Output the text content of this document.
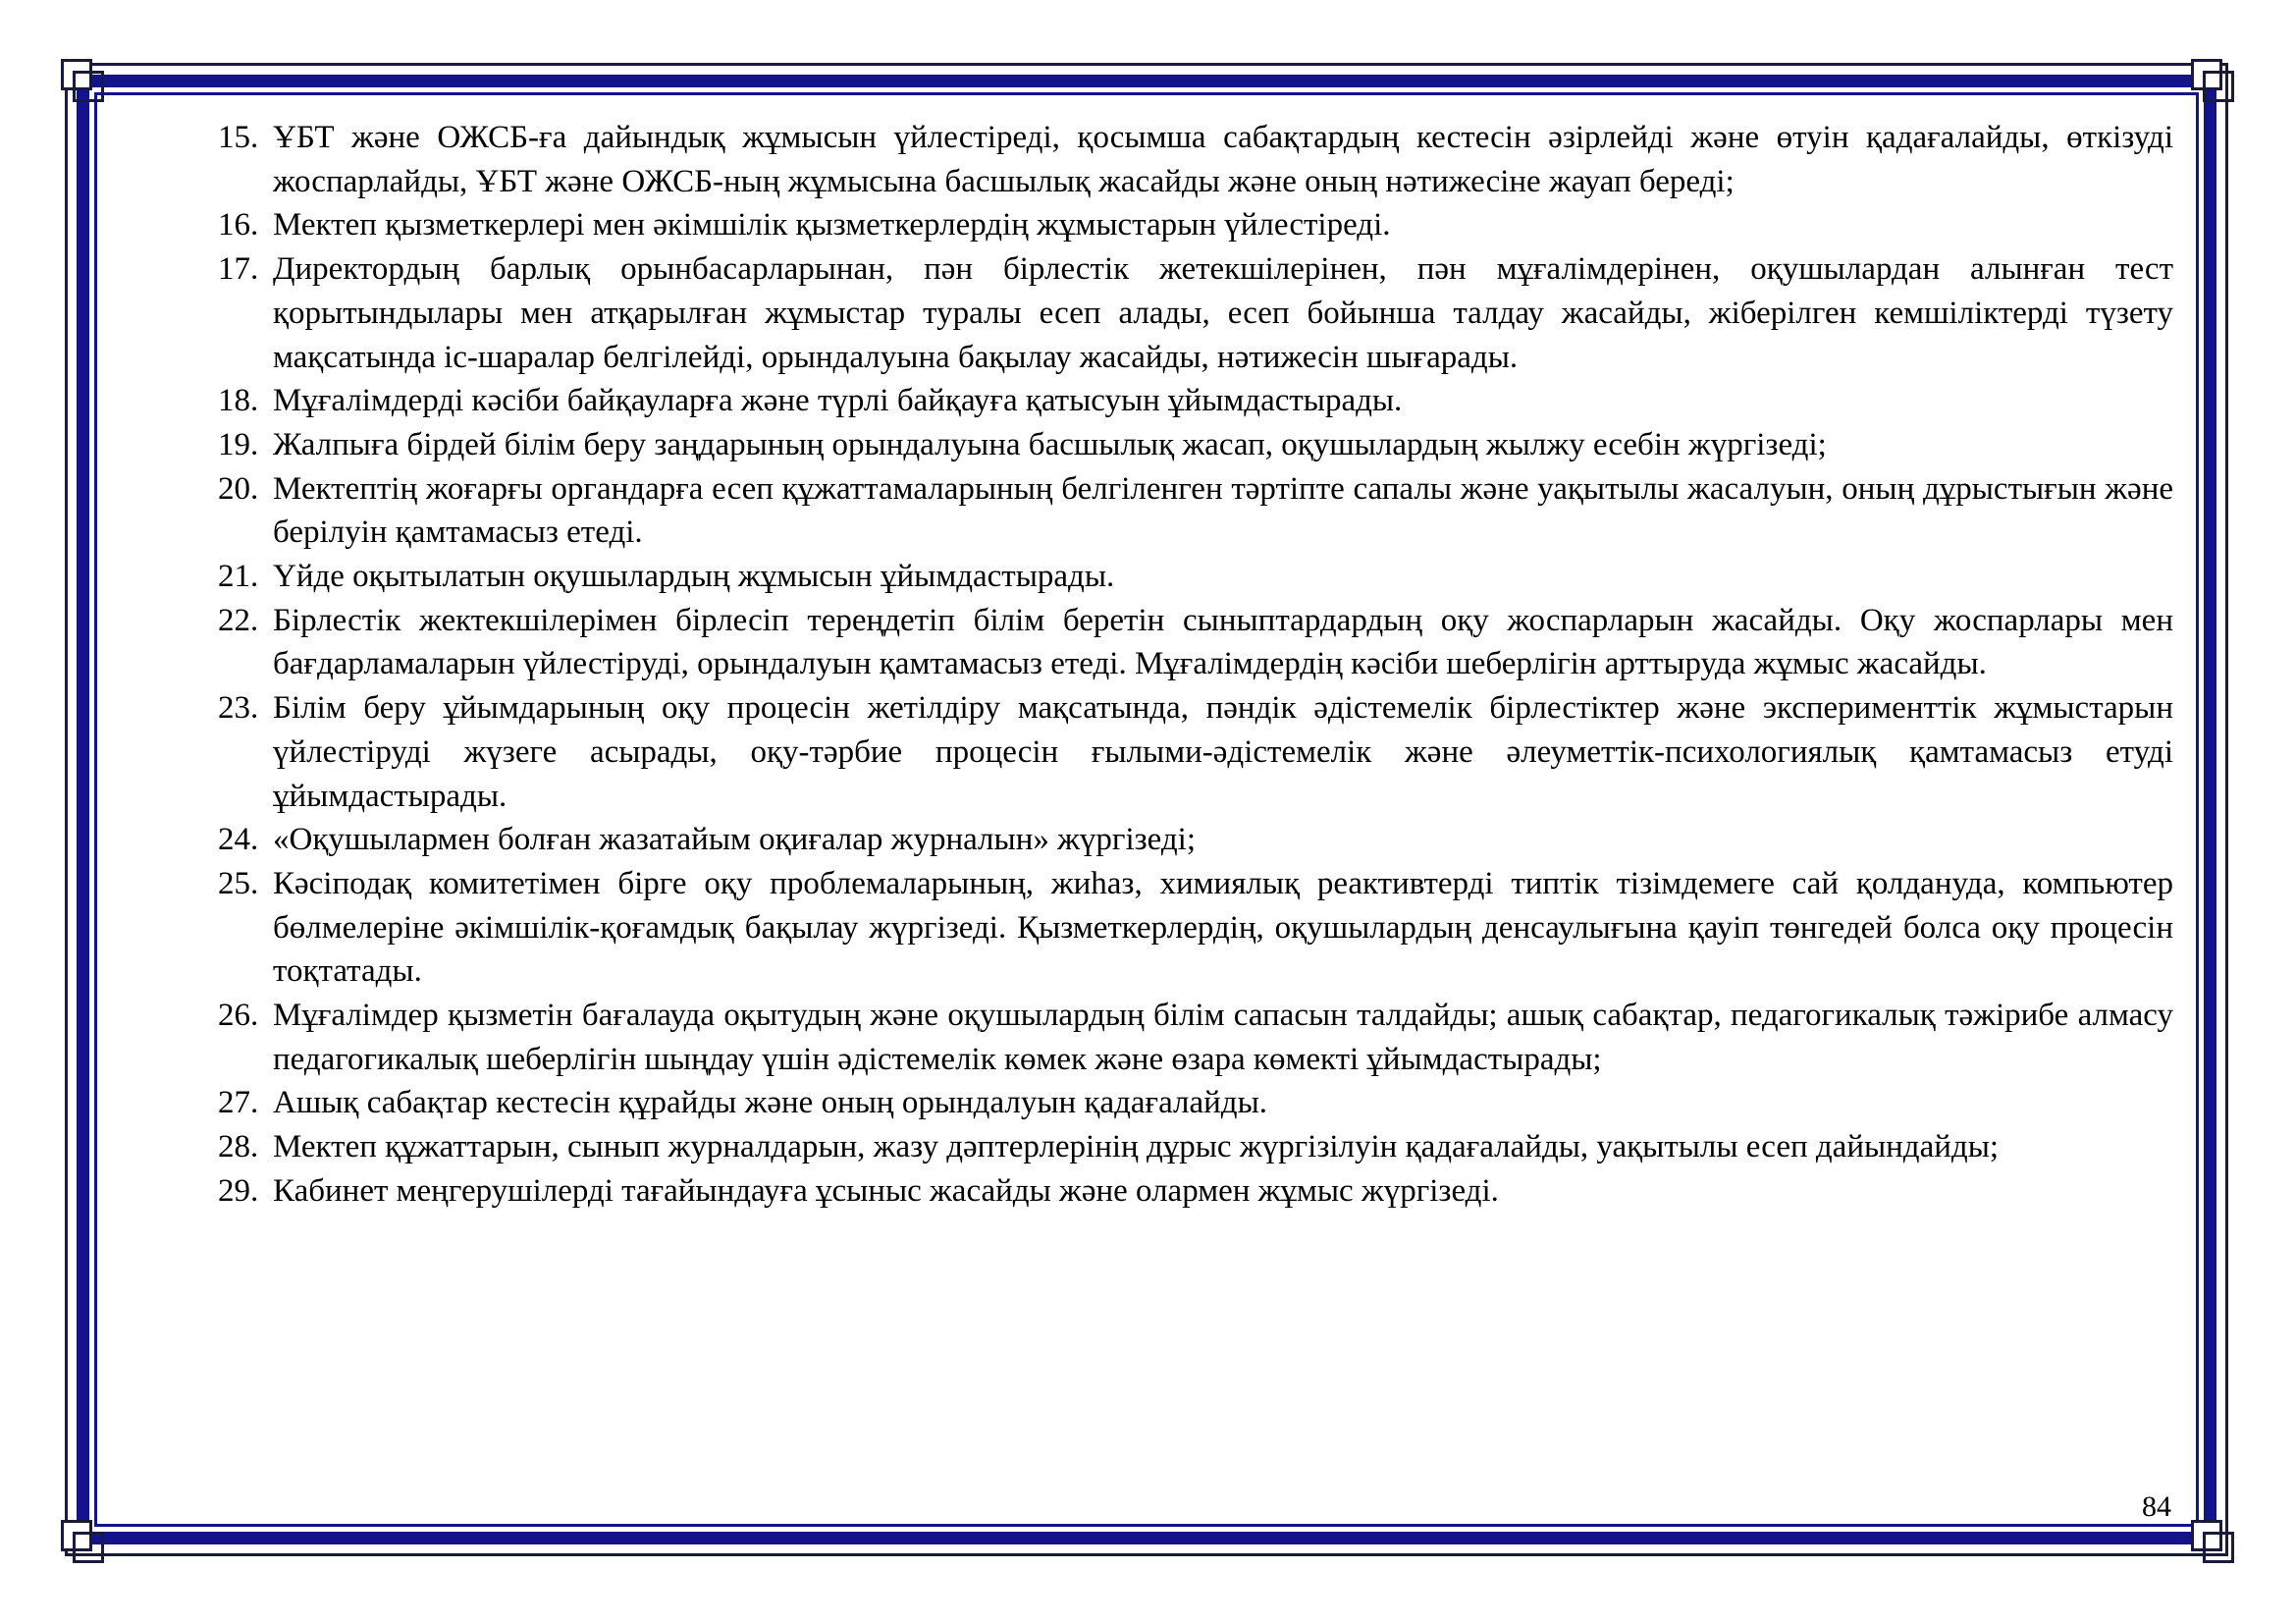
15. ҰБТ және ОЖСБ-ға дайындық жұмысын үйлестіреді, қосымша сабақтардың кестесін әзірлейді және өтуін қадағалайды, өткізуді жоспарлайды, ҰБТ және ОЖСБ-ның жұмысына басшылық жасайды және оның нәтижесіне жауап береді;

16. Мектеп қызметкерлері мен әкімшілік қызметкерлердің жұмыстарын үйлестіреді.

17. Директордың барлық орынбасарларынан, пән бірлестік жетекшілерінен, пән мұғалімдерінен, оқушылардан алынған тест қорытындылары мен атқарылған жұмыстар туралы есеп алады, есеп бойынша талдау жасайды, жіберілген кемшіліктерді түзету мақсатында іс-шаралар белгілейді, орындалуына бақылау жасайды, нәтижесін шығарады.

18. Мұғалімдерді кәсіби байқауларға және түрлі байқауға қатысуын ұйымдастырады.

19. Жалпыға бірдей білім беру заңдарының орындалуына басшылық жасап, оқушылардың жылжу есебін жүргізеді;

20. Мектептің жоғарғы органдарға есеп құжаттамаларының белгіленген тәртіпте сапалы және уақытылы жасалуын, оның дұрыстығын және берілуін қамтамасыз етеді.

21. Үйде оқытылатын оқушылардың жұмысын ұйымдастырады.

22. Бірлестік жектекшілерімен бірлесіп тереңдетіп білім беретін сыныптардардың оқу жоспарларын жасайды. Оқу жоспарлары мен бағдарламаларын үйлестіруді, орындалуын қамтамасыз етеді. Мұғалімдердің кәсіби шеберлігін арттыруда жұмыс жасайды.

23. Білім беру ұйымдарының оқу процесін жетілдіру мақсатында, пәндік әдістемелік бірлестіктер және эксперименттік жұмыстарын үйлестіруді жүзеге асырады, оқу-тәрбие процесін ғылыми-әдістемелік және әлеуметтік-психологиялық қамтамасыз етуді ұйымдастырады.

24. «Оқушылармен болған жазатайым оқиғалар журналын» жүргізеді;

25. Кәсіподақ комитетімен бірге оқу проблемаларының, жиһаз, химиялық реактивтерді типтік тізімдемеге сай қолдануда, компьютер бөлмелеріне әкімшілік-қоғамдық бақылау жүргізеді. Қызметкерлердің, оқушылардың денсаулығына қауіп төнгедей болса оқу процесін тоқтатады.

26. Мұғалімдер қызметін бағалауда оқытудың және оқушылардың білім сапасын талдайды; ашық сабақтар, педагогикалық тәжірибе алмасу педагогикалық шеберлігін шыңдау үшін әдістемелік көмек және өзара көмекті ұйымдастырады;

27. Ашық сабақтар кестесін құрайды және оның орындалуын қадағалайды.

28. Мектеп құжаттарын, сынып журналдарын, жазу дәптерлерінің дұрыс жүргізілуін қадағалайды, уақытылы есеп дайындайды;

29. Кабинет меңгерушілерді тағайындауға ұсыныс жасайды және олармен жұмыс жүргізеді.

84
